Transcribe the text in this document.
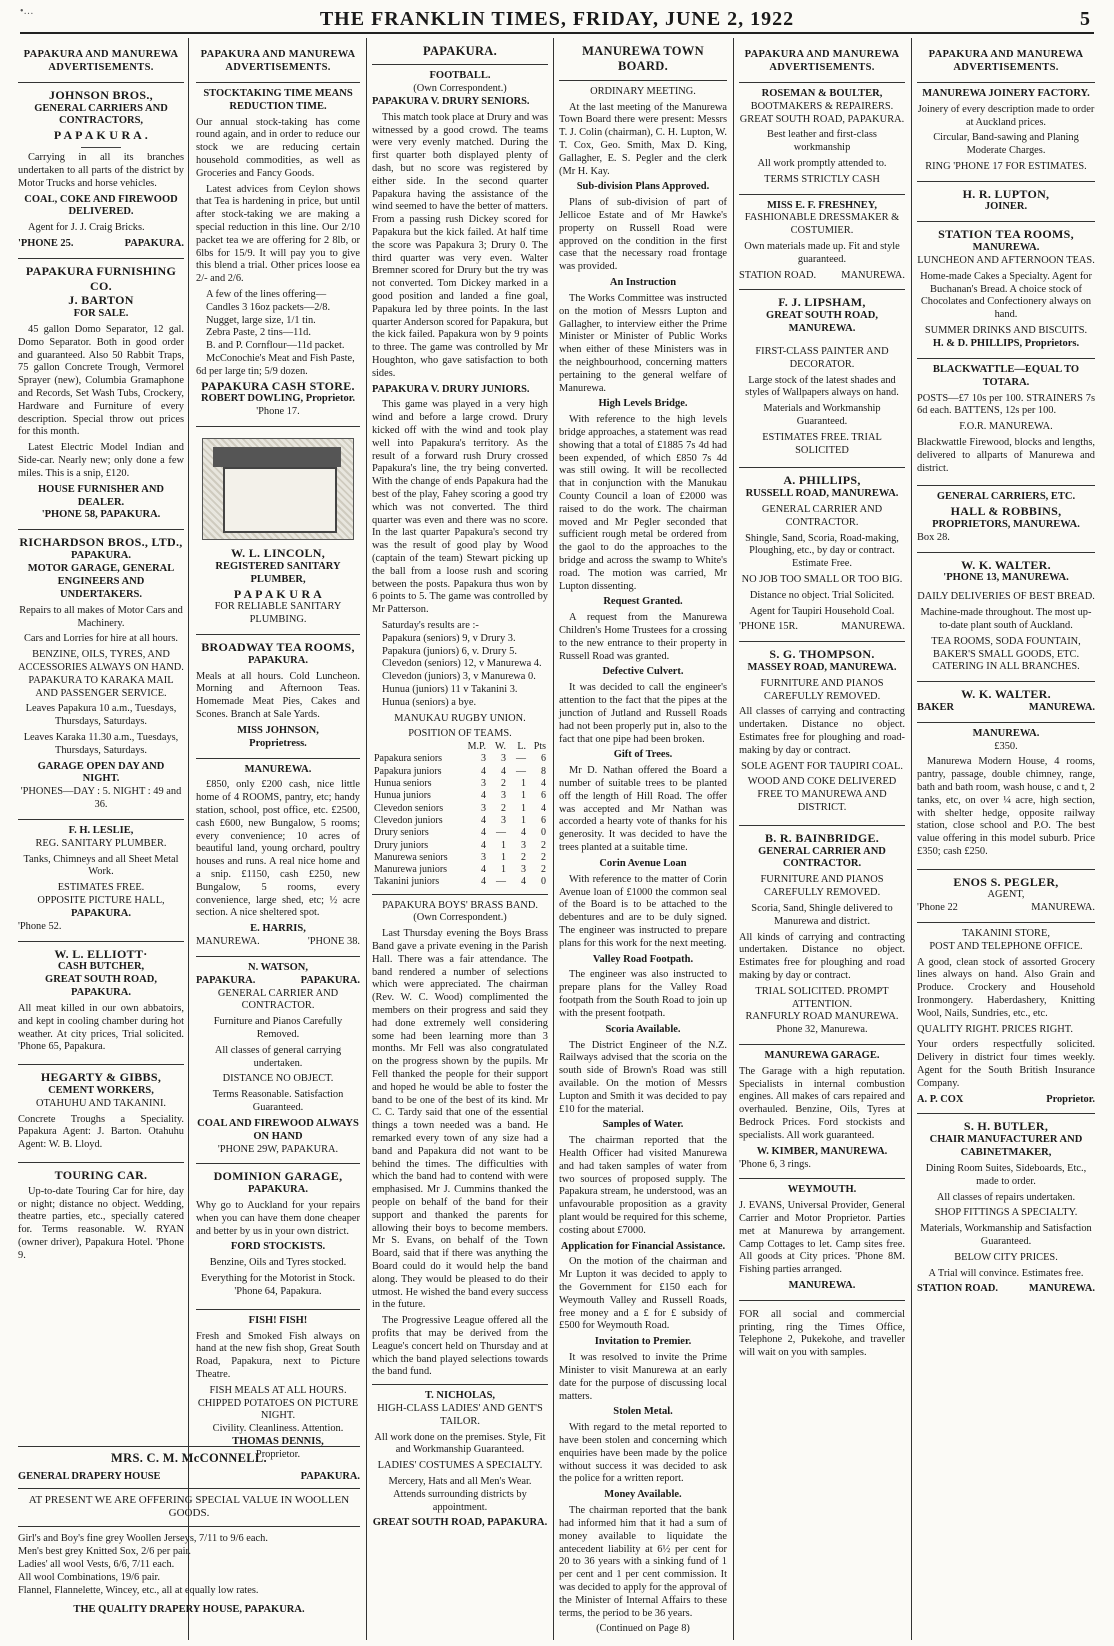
•…	THE FRANKLIN TIMES, FRIDAY, JUNE 2, 1922	5
PAPAKURA AND MANUREWA ADVERTISEMENTS.
JOHNSON BROS.,
GENERAL CARRIERS AND CONTRACTORS,
P A P A K U R A .

Carrying in all its branches undertaken to all parts of the district by Motor Trucks and horse vehicles.

COAL, COKE AND FIREWOOD DELIVERED.

Agent for J. J. Craig Bricks.

'PHONE 25.	PAPAKURA.
PAPAKURA FURNISHING CO.
J. BARTON
FOR SALE.

45 gallon Domo Separator, 12 gal. Domo Separator. Both in good order and guaranteed. Also 50 Rabbit Traps, 75 gallon Concrete Trough, Vermorel Sprayer (new), Columbia Gramaphone and Records, Set Wash Tubs, Crockery, Hardware and Furniture of every description. Special throw out prices for this month.

Latest Electric Model Indian and Side-car. Nearly new; only done a few miles. This is a snip, £120.

HOUSE FURNISHER AND DEALER.
'PHONE 58, PAPAKURA.
RICHARDSON BROS., LTD.,
PAPAKURA.
MOTOR GARAGE, GENERAL ENGINEERS AND UNDERTAKERS.

Repairs to all makes of Motor Cars and Machinery.

Cars and Lorries for hire at all hours.

BENZINE, OILS, TYRES, AND ACCESSORIES ALWAYS ON HAND.
PAPAKURA TO KARAKA MAIL AND PASSENGER SERVICE.

Leaves Papakura 10 a.m., Tuesdays, Thursdays, Saturdays.

Leaves Karaka 11.30 a.m., Tuesdays, Thursdays, Saturdays.

GARAGE OPEN DAY AND NIGHT.
'PHONES—DAY : 5. NIGHT : 49 and 36.
F. H. LESLIE,
REG. SANITARY PLUMBER.

Tanks, Chimneys and all Sheet Metal Work.

ESTIMATES FREE.
OPPOSITE PICTURE HALL,
PAPAKURA.
'Phone 52.
W. L. ELLIOTT·
CASH BUTCHER,
GREAT SOUTH ROAD, PAPAKURA.

All meat killed in our own abbatoirs, and kept in cooling chamber during hot weather. At city prices, Trial solicited. 'Phone 65, Papakura.

HEGARTY & GIBBS,
CEMENT WORKERS,
OTAHUHU AND TAKANINI.

Concrete Troughs a Speciality. Papakura Agent: J. Barton. Otahuhu Agent: W. B. Lloyd.

TOURING CAR.

Up-to-date Touring Car for hire, day or night; distance no object. Wedding, theatre parties, etc., specially catered for. Terms reasonable. W. RYAN (owner driver), Papakura Hotel. 'Phone 9.

PAPAKURA AND MANUREWA ADVERTISEMENTS.
STOCKTAKING TIME MEANS REDUCTION TIME.

Our annual stock-taking has come round again, and in order to reduce our stock we are reducing certain household commodities, as well as Groceries and Fancy Goods.

Latest advices from Ceylon shows that Tea is hardening in price, but until after stock-taking we are making a special reduction in this line. Our 2/10 packet tea we are offering for 2 8lb, or 6lbs for 15/9. It will pay you to give this blend a trial. Other prices loose ea 2/- and 2/6.

A few of the lines offering—
Candles 3 16oz packets—2/8.
Nugget, large size, 1/1 tin.
Zebra Paste, 2 tins—11d.
B. and P. Cornflour—11d packet.
McConochie's Meat and Fish Paste, 6d per large tin; 5/9 dozen.
PAPAKURA CASH STORE.
ROBERT DOWLING, Proprietor.
'Phone 17.
W. L. LINCOLN,
REGISTERED SANITARY PLUMBER,
P A P A K U R A
FOR RELIABLE SANITARY PLUMBING.
BROADWAY TEA ROOMS,
PAPAKURA.

Meals at all hours. Cold Luncheon. Morning and Afternoon Teas. Homemade Meat Pies, Cakes and Scones. Branch at Sale Yards.

MISS JOHNSON,
Proprietress.
MANUREWA.

£850, only £200 cash, nice little home of 4 ROOMS, pantry, etc; handy station, school, post office, etc. £2500, cash £600, new Bungalow, 5 rooms; every convenience; 10 acres of beautiful land, young orchard, poultry houses and runs. A real nice home and a snip. £1150, cash £250, new Bungalow, 5 rooms, every convenience, large shed, etc; ½ acre section. A nice sheltered spot.

E. HARRIS,
MANUREWA.	'PHONE 38.
N. WATSON,
PAPAKURA.	PAPAKURA.
GENERAL CARRIER AND CONTRACTOR.

Furniture and Pianos Carefully Removed.

All classes of general carrying undertaken.

DISTANCE NO OBJECT.

Terms Reasonable. Satisfaction Guaranteed.

COAL AND FIREWOOD ALWAYS ON HAND
'PHONE 29W, PAPAKURA.
DOMINION GARAGE,
PAPAKURA.

Why go to Auckland for your repairs when you can have them done cheaper and better by us in your own district.

FORD STOCKISTS.

Benzine, Oils and Tyres stocked.

Everything for the Motorist in Stock. 'Phone 64, Papakura.

FISH! FISH!

Fresh and Smoked Fish always on hand at the new fish shop, Great South Road, Papakura, next to Picture Theatre.

FISH MEALS AT ALL HOURS.
CHIPPED POTATOES ON PICTURE NIGHT.
Civility. Cleanliness. Attention.
THOMAS DENNIS,
Proprietor.
MRS. C. M. McCONNELL.
GENERAL DRAPERY HOUSE	PAPAKURA.
AT PRESENT WE ARE OFFERING SPECIAL VALUE IN WOOLLEN GOODS.
Girl's and Boy's fine grey Woollen Jerseys, 7/11 to 9/6 each.
Men's best grey Knitted Sox, 2/6 per pair.
Ladies' all wool Vests, 6/6, 7/11 each.
All wool Combinations, 19/6 pair.
Flannel, Flannelette, Wincey, etc., all at equally low rates.
THE QUALITY DRAPERY HOUSE, PAPAKURA.
PAPAKURA.
FOOTBALL.
(Own Correspondent.)
PAPAKURA V. DRURY SENIORS.

This match took place at Drury and was witnessed by a good crowd. The teams were very evenly matched. During the first quarter both displayed plenty of dash, but no score was registered by either side. In the second quarter Papakura having the assistance of the wind seemed to have the better of matters. From a passing rush Dickey scored for Papakura but the kick failed. At half time the score was Papakura 3; Drury 0. The third quarter was very even. Walter Bremner scored for Drury but the try was not converted. Tom Dickey marked in a good position and landed a fine goal, Papakura led by three points. In the last quarter Anderson scored for Papakura, but the kick failed. Papakura won by 9 points to three. The game was controlled by Mr Houghton, who gave satisfaction to both sides.

PAPAKURA V. DRURY JUNIORS.

This game was played in a very high wind and before a large crowd. Drury kicked off with the wind and took play well into Papakura's territory. As the result of a forward rush Drury crossed Papakura's line, the try being converted. With the change of ends Papakura had the best of the play, Fahey scoring a good try which was not converted. The third quarter was even and there was no score. In the last quarter Papakura's second try was the result of good play by Wood (captain of the team) Stewart picking up the ball from a loose rush and scoring between the posts. Papakura thus won by 6 points to 5. The game was controlled by Mr Patterson.

Saturday's results are :-
Papakura (seniors) 9, v Drury 3.
Papakura (juniors) 6, v. Drury 5.
Clevedon (seniors) 12, v Manurewa 4.
Clevedon (juniors) 3, v Manurewa 0.
Hunua (juniors) 11 v Takanini 3.
Hunua (seniors) a bye.
MANUKAU RUGBY UNION.
POSITION OF TEAMS.
	M.P.	W.	L.	Pts
Papakura seniors	3	3	—	6
Papakura juniors	4	4	—	8
Hunua seniors	3	2	1	4
Hunua juniors	4	3	1	6
Clevedon seniors	3	2	1	4
Clevedon juniors	4	3	1	6
Drury seniors	4	—	4	0
Drury juniors	4	1	3	2
Manurewa seniors	3	1	2	2
Manurewa juniors	4	1	3	2
Takanini juniors	4	—	4	0
PAPAKURA BOYS' BRASS BAND.
(Own Correspondent.)

Last Thursday evening the Boys Brass Band gave a private evening in the Parish Hall. There was a fair attendance. The band rendered a number of selections which were appreciated. The chairman (Rev. W. C. Wood) complimented the members on their progress and said they had done extremely well considering some had been learning more than 3 months. Mr Fell was also congratulated on the progress shown by the pupils. Mr Fell thanked the people for their support and hoped he would be able to foster the band to be one of the best of its kind. Mr C. C. Tardy said that one of the essential things a town needed was a band. He remarked every town of any size had a band and Papakura did not want to be behind the times. The difficulties with which the band had to contend with were emphasised. Mr J. Cummins thanked the people on behalf of the band for their support and thanked the parents for allowing their boys to become members. Mr S. Evans, on behalf of the Town Board, said that if there was anything the Board could do it would help the band along. They would be pleased to do their utmost. He wished the band every success in the future.

The Progressive League offered all the profits that may be derived from the League's concert held on Thursday and at which the band played selections towards the band fund.

T. NICHOLAS,
HIGH-CLASS LADIES' AND GENT'S TAILOR.

All work done on the premises. Style, Fit and Workmanship Guaranteed.

LADIES' COSTUMES A SPECIALTY.

Mercery, Hats and all Men's Wear. Attends surrounding districts by appointment.

GREAT SOUTH ROAD, PAPAKURA.
MANUREWA TOWN BOARD.
ORDINARY MEETING.

At the last meeting of the Manurewa Town Board there were present: Messrs T. J. Colin (chairman), C. H. Lupton, W. T. Cox, Geo. Smith, Max D. King, Gallagher, E. S. Pegler and the clerk (Mr H. Kay.

Sub-division Plans Approved.

Plans of sub-division of part of Jellicoe Estate and of Mr Hawke's property on Russell Road were approved on the condition in the first case that the necessary road frontage was provided.

An Instruction

The Works Committee was instructed on the motion of Messrs Lupton and Gallagher, to interview either the Prime Minister or Minister of Public Works when either of these Ministers was in the neighbourhood, concerning matters pertaining to the general welfare of Manurewa.

High Levels Bridge.

With reference to the high levels bridge approaches, a statement was read showing that a total of £1885 7s 4d had been expended, of which £850 7s 4d was still owing. It will be recollected that in conjunction with the Manukau County Council a loan of £2000 was raised to do the work. The chairman moved and Mr Pegler seconded that sufficient rough metal be ordered from the gaol to do the approaches to the bridge and across the swamp to White's road. The motion was carried, Mr Lupton dissenting.

Request Granted.

A request from the Manurewa Children's Home Trustees for a crossing to the new entrance to their property in Russell Road was granted.

Defective Culvert.

It was decided to call the engineer's attention to the fact that the pipes at the junction of Jutland and Russell Roads had not been properly put in, also to the fact that one pipe had been broken.

Gift of Trees.

Mr D. Nathan offered the Board a number of suitable trees to be planted off the length of Hill Road. The offer was accepted and Mr Nathan was accorded a hearty vote of thanks for his generosity. It was decided to have the trees planted at a suitable time.

Corin Avenue Loan

With reference to the matter of Corin Avenue loan of £1000 the common seal of the Board is to be attached to the debentures and are to be duly signed. The engineer was instructed to prepare plans for this work for the next meeting.

Valley Road Footpath.

The engineer was also instructed to prepare plans for the Valley Road footpath from the South Road to join up with the present footpath.

Scoria Available.

The District Engineer of the N.Z. Railways advised that the scoria on the south side of Brown's Road was still available. On the motion of Messrs Lupton and Smith it was decided to pay £10 for the material.

Samples of Water.

The chairman reported that the Health Officer had visited Manurewa and had taken samples of water from two sources of proposed supply. The Papakura stream, he understood, was an unfavourable proposition as a gravity plant would be required for this scheme, costing about £7000.

Application for Financial Assistance.

On the motion of the chairman and Mr Lupton it was decided to apply to the Government for £150 each for Weymouth Valley and Russell Roads, free money and a £ for £ subsidy of £500 for Weymouth Road.

Invitation to Premier.

It was resolved to invite the Prime Minister to visit Manurewa at an early date for the purpose of discussing local matters.

Stolen Metal.

With regard to the metal reported to have been stolen and concerning which enquiries have been made by the police without success it was decided to ask the police for a written report.

Money Available.

The chairman reported that the bank had informed him that it had a sum of money available to liquidate the antecedent liability at 6½ per cent for 20 to 36 years with a sinking fund of 1 per cent and 1 per cent commission. It was decided to apply for the approval of the Minister of Internal Affairs to these terms, the period to be 36 years.

(Continued on Page 8)
PAPAKURA AND MANUREWA ADVERTISEMENTS.
ROSEMAN & BOULTER,
BOOTMAKERS & REPAIRERS.
GREAT SOUTH ROAD, PAPAKURA.

Best leather and first-class workmanship

All work promptly attended to.

TERMS STRICTLY CASH
MISS E. F. FRESHNEY,
FASHIONABLE DRESSMAKER & COSTUMIER.

Own materials made up. Fit and style guaranteed.

STATION ROAD. MANUREWA.
F. J. LIPSHAM,
GREAT SOUTH ROAD,
MANUREWA.

FIRST-CLASS PAINTER AND DECORATOR.

Large stock of the latest shades and styles of Wallpapers always on hand.

Materials and Workmanship Guaranteed.

ESTIMATES FREE. TRIAL SOLICITED

A. PHILLIPS,
RUSSELL ROAD, MANUREWA.

GENERAL CARRIER AND CONTRACTOR.

Shingle, Sand, Scoria, Road-making, Ploughing, etc., by day or contract. Estimate Free.

NO JOB TOO SMALL OR TOO BIG.

Distance no object. Trial Solicited.

Agent for Taupiri Household Coal.

'PHONE 15R.	MANUREWA.
S. G. THOMPSON.
MASSEY ROAD, MANUREWA.

FURNITURE AND PIANOS CAREFULLY REMOVED.

All classes of carrying and contracting undertaken. Distance no object. Estimates free for ploughing and road-making by day or contract.

SOLE AGENT FOR TAUPIRI COAL.

WOOD AND COKE DELIVERED FREE TO MANUREWA AND DISTRICT.

B. R. BAINBRIDGE.
GENERAL CARRIER AND CONTRACTOR.

FURNITURE AND PIANOS CAREFULLY REMOVED.

Scoria, Sand, Shingle delivered to Manurewa and district.

All kinds of carrying and contracting undertaken. Distance no object. Estimates free for ploughing and road making by day or contract.

TRIAL SOLICITED. PROMPT ATTENTION.
RANFURLY ROAD MANUREWA.
Phone 32, Manurewa.
MANUREWA GARAGE.

The Garage with a high reputation. Specialists in internal combustion engines. All makes of cars repaired and overhauled. Benzine, Oils, Tyres at Bedrock Prices. Ford stockists and specialists. All work guaranteed.

W. KIMBER, MANUREWA.
'Phone 6, 3 rings.
WEYMOUTH.

J. EVANS, Universal Provider, General Carrier and Motor Proprietor. Parties met at Manurewa by arrangement. Camp Cottages to let. Camp sites free. All goods at City prices. 'Phone 8M. Fishing parties arranged.

MANUREWA.

FOR all social and commercial printing, ring the Times Office, Telephone 2, Pukekohe, and traveller will wait on you with samples.

PAPAKURA AND MANUREWA ADVERTISEMENTS.
MANUREWA JOINERY FACTORY.

Joinery of every description made to order at Auckland prices.

Circular, Band-sawing and Planing Moderate Charges.

RING 'PHONE 17 FOR ESTIMATES.
H. R. LUPTON,
JOINER.
STATION TEA ROOMS,
MANUREWA.
LUNCHEON AND AFTERNOON TEAS.

Home-made Cakes a Specialty. Agent for Buchanan's Bread. A choice stock of Chocolates and Confectionery always on hand.

SUMMER DRINKS AND BISCUITS.
H. & D. PHILLIPS, Proprietors.
BLACKWATTLE—EQUAL TO TOTARA.

POSTS—£7 10s per 100. STRAINERS 7s 6d each. BATTENS, 12s per 100.

F.O.R. MANUREWA.

Blackwattle Firewood, blocks and lengths, delivered to allparts of Manurewa and district.

GENERAL CARRIERS, ETC.
HALL & ROBBINS,
PROPRIETORS, MANUREWA.
Box 28.
W. K. WALTER.
'PHONE 13, MANUREWA.
DAILY DELIVERIES OF BEST BREAD.

Machine-made throughout. The most up-to-date plant south of Auckland.

TEA ROOMS, SODA FOUNTAIN, BAKER'S SMALL GOODS, ETC.
CATERING IN ALL BRANCHES.
W. K. WALTER.
BAKER	MANUREWA.
MANUREWA.
£350.

Manurewa Modern House, 4 rooms, pantry, passage, double chimney, range, bath and bath room, wash house, c and t, 2 tanks, etc, on over ¼ acre, high section, with shelter hedge, opposite railway station, close school and P.O. The best value offering in this model suburb. Price £350; cash £250.

ENOS S. PEGLER,
AGENT,
'Phone 22	MANUREWA.
TAKANINI STORE,
POST AND TELEPHONE OFFICE.

A good, clean stock of assorted Grocery lines always on hand. Also Grain and Produce. Crockery and Household Ironmongery. Haberdashery, Knitting Wool, Nails, Sundries, etc., etc.

QUALITY RIGHT. PRICES RIGHT.

Your orders respectfully solicited. Delivery in district four times weekly. Agent for the South British Insurance Company.

A. P. COX	Proprietor.
S. H. BUTLER,
CHAIR MANUFACTURER AND CABINETMAKER,

Dining Room Suites, Sideboards, Etc., made to order.

All classes of repairs undertaken.

SHOP FITTINGS A SPECIALTY.

Materials, Workmanship and Satisfaction Guaranteed.

BELOW CITY PRICES.

A Trial will convince. Estimates free.

STATION ROAD.	MANUREWA.
